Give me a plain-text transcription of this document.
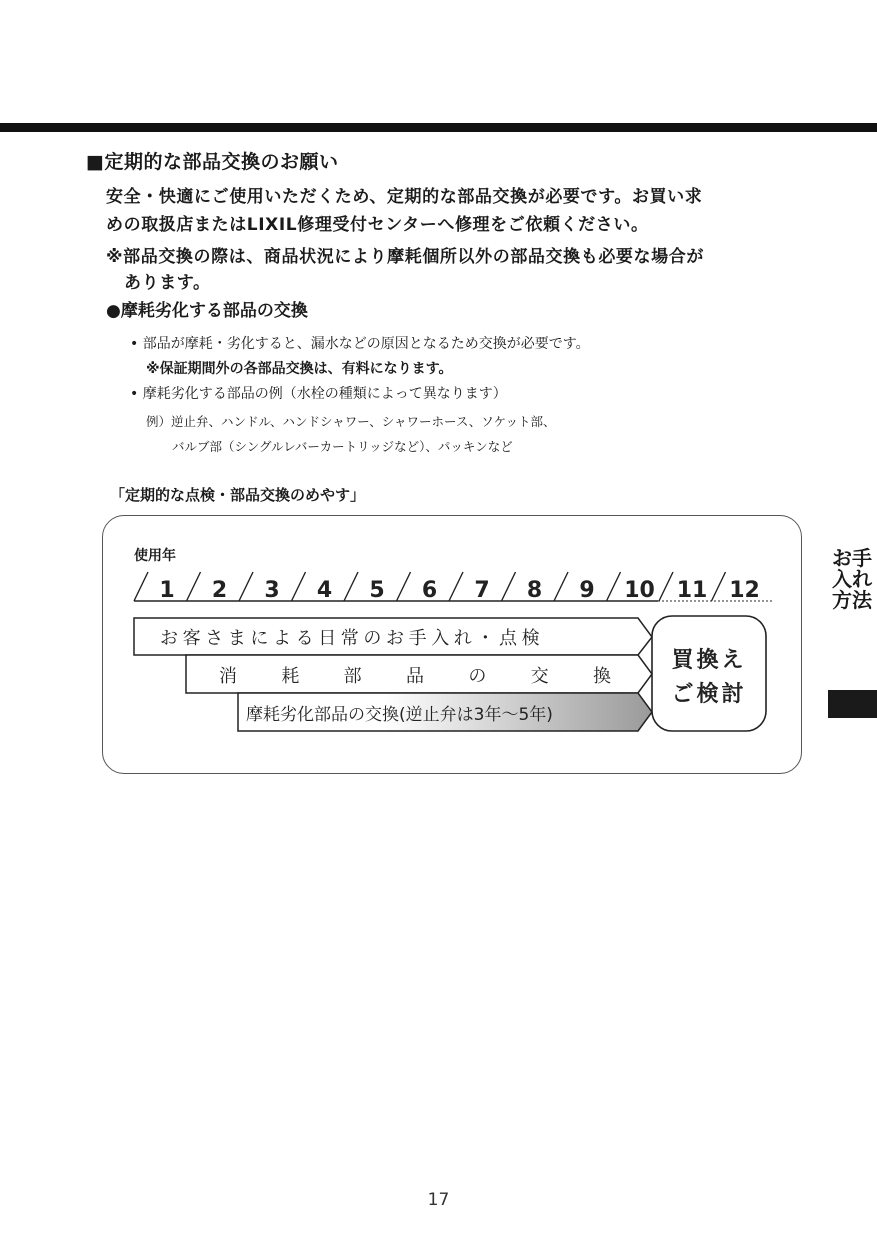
■定期的な部品交換のお願い
安全・快適にご使用いただくため、定期的な部品交換が必要です。お買い求
めの取扱店またはLIXIL修理受付センターへ修理をご依頼ください。
※部品交換の際は、商品状況により摩耗個所以外の部品交換も必要な場合が
あります。
●摩耗劣化する部品の交換
• 部品が摩耗・劣化すると、漏水などの原因となるため交換が必要です。
※保証期間外の各部品交換は、有料になります。
• 摩耗劣化する部品の例（水栓の種類によって異なります）
例）逆止弁、ハンドル、ハンドシャワー、シャワーホース、ソケット部、
バルブ部（シングルレバーカートリッジなど）、パッキンなど
「定期的な点検・部品交換のめやす」
使用年
1 2 3 4 5 6 7 8 9 10 11 12
お客さまによる日常のお手入れ・点検
消 耗 部 品 の 交 換
摩耗劣化部品の交換(逆止弁は3年〜5年)
買換え
ご検討
お手入れ方法
17
